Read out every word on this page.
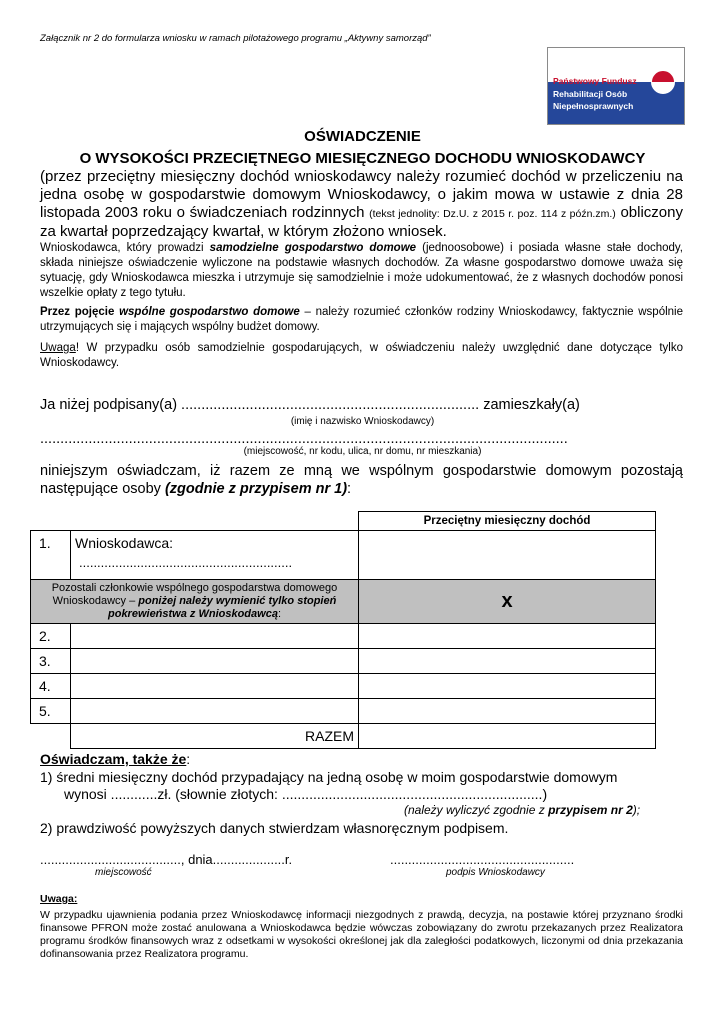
Załącznik nr 2 do formularza wniosku w ramach pilotażowego programu „Aktywny samorząd”
Państwowy Fundusz
Rehabilitacji Osób
Niepełnosprawnych
OŚWIADCZENIE
O WYSOKOŚCI PRZECIĘTNEGO MIESIĘCZNEGO DOCHODU WNIOSKODAWCY
(przez przeciętny miesięczny dochód wnioskodawcy należy rozumieć dochód w przeliczeniu na jedna osobę w gospodarstwie domowym Wnioskodawcy, o jakim mowa w ustawie z dnia 28 listopada 2003 roku o świadczeniach rodzinnych (tekst jednolity: Dz.U. z 2015 r. poz. 114 z późn.zm.) obliczony za kwartał poprzedzający kwartał, w którym złożono wniosek.
Wnioskodawca, który prowadzi samodzielne gospodarstwo domowe (jednoosobowe) i posiada własne stałe dochody, składa niniejsze oświadczenie wyliczone na podstawie własnych dochodów. Za własne gospodarstwo domowe uważa się sytuację, gdy Wnioskodawca mieszka i utrzymuje się samodzielnie i może udokumentować, że z własnych dochodów ponosi wszelkie opłaty z tego tytułu.
Przez pojęcie wspólne gospodarstwo domowe – należy rozumieć członków rodziny Wnioskodawcy, faktycznie wspólnie utrzymujących się i mających wspólny budżet domowy.
Uwaga! W przypadku osób samodzielnie gospodarujących, w oświadczeniu należy uwzględnić dane dotyczące tylko Wnioskodawcy.
Ja niżej podpisany(a) .......................................................................... zamieszkały(a)
(imię i nazwisko Wnioskodawcy)
...................................................................................................................................
(miejscowość, nr kodu, ulica, nr domu, nr mieszkania)
niniejszym oświadczam, iż razem ze mną we wspólnym gospodarstwie domowym pozostają następujące osoby (zgodnie z przypisem nr 1):
		Przeciętny miesięczny dochód
1.	Wnioskodawca:
...........................................................	

Pozostali członkowie wspólnego gospodarstwa domowego Wnioskodawcy – poniżej należy wymienić tylko stopień pokrewieństwa z Wnioskodawcą:		x
2.		
3.		
4.		
5.		
	RAZEM	
Oświadczam, także że:
1) średni miesięczny dochód przypadający na jedną osobę w moim gospodarstwie domowym
wynosi ............zł. (słownie złotych: ...................................................................)
(należy wyliczyć zgodnie z przypisem nr 2);
2) prawdziwość powyższych danych stwierdzam własnoręcznym podpisem.
......................................., dnia....................r.	...................................................
miejscowość	podpis Wnioskodawcy
Uwaga:
W przypadku ujawnienia podania przez Wnioskodawcę informacji niezgodnych z prawdą, decyzja, na postawie której przyznano środki finansowe PFRON może zostać anulowana a Wnioskodawca będzie wówczas zobowiązany do zwrotu przekazanych przez Realizatora programu środków finansowych wraz z odsetkami w wysokości określonej jak dla zaległości podatkowych, liczonymi od dnia przekazania dofinansowania przez Realizatora programu.
